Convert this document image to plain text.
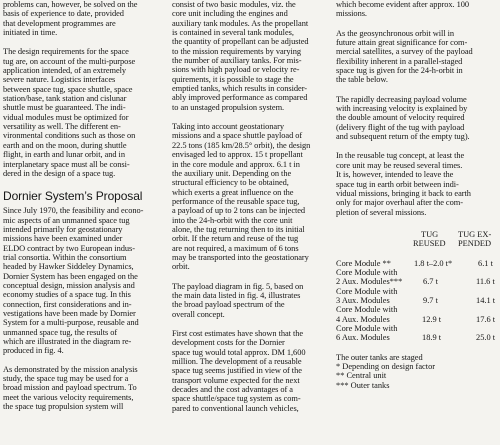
problems can, however, be solved on the
basis of experience to date, provided
that development programmes are
initiated in time.

The design requirements for the space
tug are, on account of the multi-purpose
application intended, of an extremely
severe nature. Logistics interfaces
between space tug, space shuttle, space
station/base, tank station and cislunar
shuttle must be guaranteed. The indi-
vidual modules must be optimized for
versatility as well. The different en-
vironmental conditions such as those on
earth and on the moon, during shuttle
flight, in earth and lunar orbit, and in
interplanetary space must all be consi-
dered in the design of a space tug.

Dornier System’s Proposal

Since July 1970, the feasibility and econo-
mic aspects of an unmanned space tug
intended primarily for geostationary
missions have been examined under
ELDO contract by two European indus-
trial consortia. Within the consortium
headed by Hawker Siddeley Dynamics,
Dornier System has been engaged on the
conceptual design, mission analysis and
economy studies of a space tug. In this
connection, first considerations and in-
vestigations have been made by Dornier
System for a multi-purpose, reusable and
unmanned space tug, the results of
which are illustrated in the diagram re-
produced in fig. 4.

As demonstrated by the mission analysis
study, the space tug may be used for a
broad mission and payload spectrum. To
meet the various velocity requirements,
the space tug propulsion system will

consist of two basic modules, viz. the
core unit including the engines and
auxiliary tank modules. As the propellant
is contained in several tank modules,
the quantity of propellant can be adjusted
to the mission requirements by varying
the number of auxiliary tanks. For mis-
sions with high payload or velocity re-
quirements, it is possible to stage the
emptied tanks, which results in consider-
ably improved performance as compared
to an unstaged propulsion system.

Taking into account geostationary
missions and a space shuttle payload of
22.5 tons (185 km/28.5° orbit), the design
envisaged led to approx. 15 t propellant
in the core module and approx. 6.1 t in
the auxiliary unit. Depending on the
structural efficiency to be obtained,
which exerts a great influence on the
performance of the reusable space tug,
a payload of up to 2 tons can be injected
into the 24-h-orbit with the core unit
alone, the tug returning then to its initial
orbit. If the return and reuse of the tug
are not required, a maximum of 6 tons
may be transported into the geostationary
orbit.

The payload diagram in fig. 5, based on
the main data listed in fig. 4, illustrates
the broad payload spectrum of the
overall concept.

First cost estimates have shown that the
development costs for the Dornier
space tug would total approx. DM 1,600
million. The development of a reusable
space tug seems justified in view of the
transport volume expected for the next
decades and the cost advantages of a
space shuttle/space tug system as com-
pared to conventional launch vehicles,

which become evident after approx. 100
missions.

As the geosynchronous orbit will in
future attain great significance for com-
mercial satellites, a survey of the payload
flexibility inherent in a parallel-staged
space tug is given for the 24-h-orbit in
the table below.

The rapidly decreasing payload volume
with increasing velocity is explained by
the double amount of velocity required
(delivery flight of the tug with payload
and subsequent return of the empty tug).

In the reusable tug concept, at least the
core unit may be reused several times.
It is, however, intended to leave the
space tug in earth orbit between indi-
vidual missions, bringing it back to earth
only for major overhaul after the com-
pletion of several missions.

TUG TUG EX-
REUSED PENDED
Core Module **	1.8 t–2.0 t*	6.1 t
Core Module with
2 Aux. Modules*** 6.7 t	11.6 t
Core Module with
3 Aux. Modules	9.7 t	14.1 t
Core Module with
4 Aux. Modules	12.9 t	17.6 t
Core Module with
6 Aux. Modules	18.9 t	25.0 t

The outer tanks are staged

* Depending on design factor
** Central unit
*** Outer tanks
